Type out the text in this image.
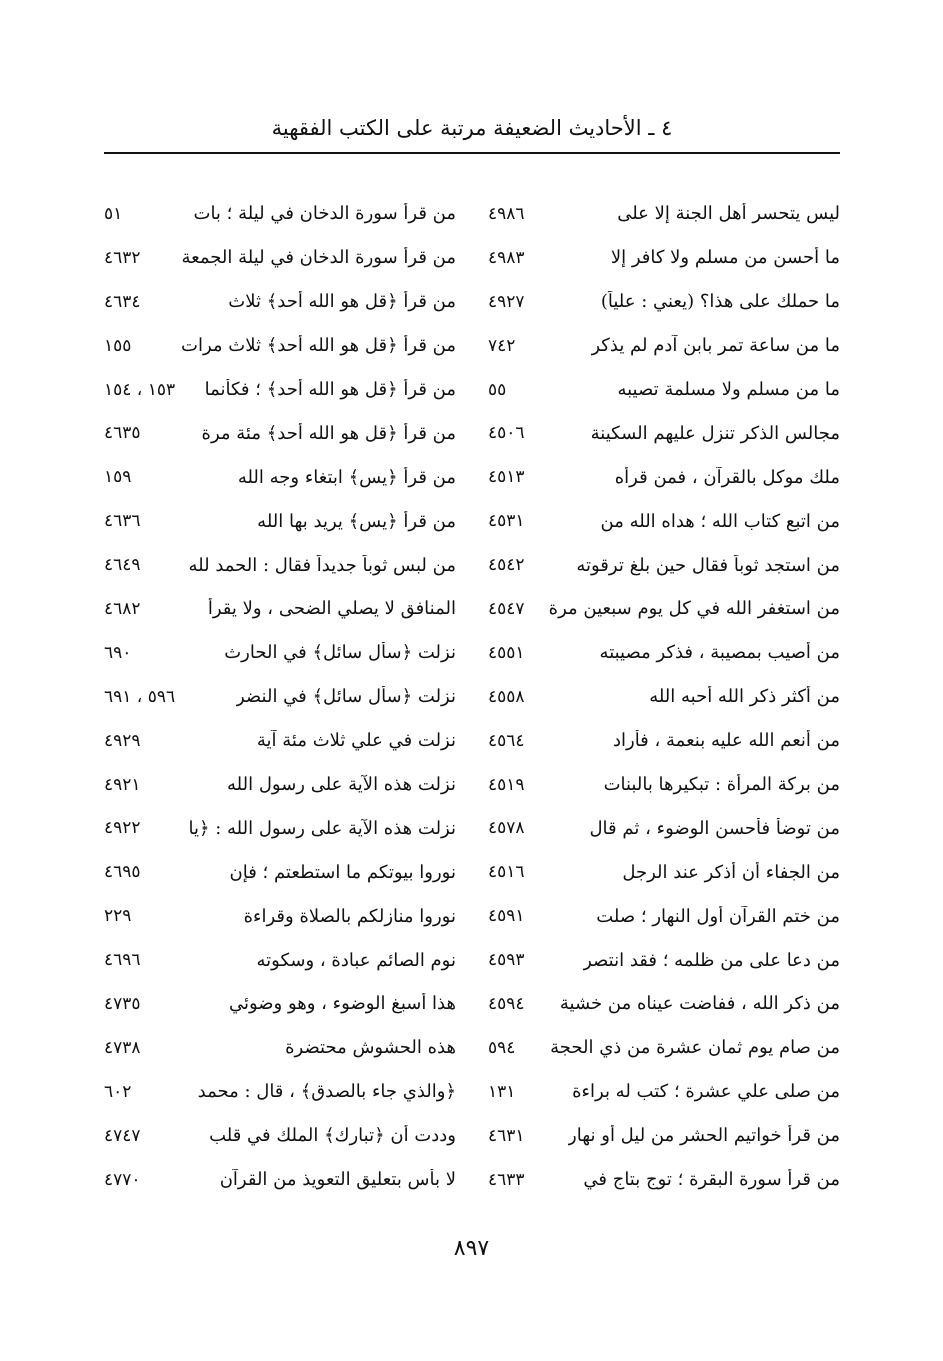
٤ ـ الأحاديث الضعيفة مرتبة على الكتب الفقهية
ليس يتحسر أهل الجنة إلا على
٤٩٨٦
ما أحسن من مسلم ولا كافر إلا
٤٩٨٣
ما حملك على هذا؟ (يعني : علياً)
٤٩٢٧
ما من ساعة تمر بابن آدم لم يذكر
٧٤٢
ما من مسلم ولا مسلمة تصيبه
٥٥
مجالس الذكر تنزل عليهم السكينة
٤٥٠٦
ملك موكل بالقرآن ، فمن قرأه
٤٥١٣
من اتبع كتاب الله ؛ هداه الله من
٤٥٣١
من استجد ثوباً فقال حين بلغ ترقوته
٤٥٤٢
من استغفر الله في كل يوم سبعين مرة
٤٥٤٧
من أصيب بمصيبة ، فذكر مصيبته
٤٥٥١
من أكثر ذكر الله أحبه الله
٤٥٥٨
من أنعم الله عليه بنعمة ، فأراد
٤٥٦٤
من بركة المرأة : تبكيرها بالبنات
٤٥١٩
من توضأ فأحسن الوضوء ، ثم قال
٤٥٧٨
من الجفاء أن أذكر عند الرجل
٤٥١٦
من ختم القرآن أول النهار ؛ صلت
٤٥٩١
من دعا على من ظلمه ؛ فقد انتصر
٤٥٩٣
من ذكر الله ، ففاضت عيناه من خشية
٤٥٩٤
من صام يوم ثمان عشرة من ذي الحجة
٥٩٤
من صلى علي عشرة ؛ كتب له براءة
١٣١
من قرأ خواتيم الحشر من ليل أو نهار
٤٦٣١
من قرأ سورة البقرة ؛ توج بتاج في
٤٦٣٣
من قرأ سورة الدخان في ليلة ؛ بات
٥١
من قرأ سورة الدخان في ليلة الجمعة
٤٦٣٢
من قرأ ﴿قل هو الله أحد﴾ ثلاث
٤٦٣٤
من قرأ ﴿قل هو الله أحد﴾ ثلاث مرات
١٥٥
من قرأ ﴿قل هو الله أحد﴾ ؛ فكأنما
١٥٣ ، ١٥٤
من قرأ ﴿قل هو الله أحد﴾ مئة مرة
٤٦٣٥
من قرأ ﴿يس﴾ ابتغاء وجه الله
١٥٩
من قرأ ﴿يس﴾ يريد بها الله
٤٦٣٦
من لبس ثوباً جديداً فقال : الحمد لله
٤٦٤٩
المنافق لا يصلي الضحى ، ولا يقرأ
٤٦٨٢
نزلت ﴿سأل سائل﴾ في الحارث
٦٩٠
نزلت ﴿سأل سائل﴾ في النضر
٥٩٦ ، ٦٩١
نزلت في علي ثلاث مئة آية
٤٩٢٩
نزلت هذه الآية على رسول الله
٤٩٢١
نزلت هذه الآية على رسول الله : ﴿يا
٤٩٢٢
نوروا بيوتكم ما استطعتم ؛ فإن
٤٦٩٥
نوروا منازلكم بالصلاة وقراءة
٢٢٩
نوم الصائم عبادة ، وسكوته
٤٦٩٦
هذا أسبغ الوضوء ، وهو وضوئي
٤٧٣٥
هذه الحشوش محتضرة
٤٧٣٨
﴿والذي جاء بالصدق﴾ ، قال : محمد
٦٠٢
وددت أن ﴿تبارك﴾ الملك في قلب
٤٧٤٧
لا بأس بتعليق التعويذ من القرآن
٤٧٧٠
٨٩٧
